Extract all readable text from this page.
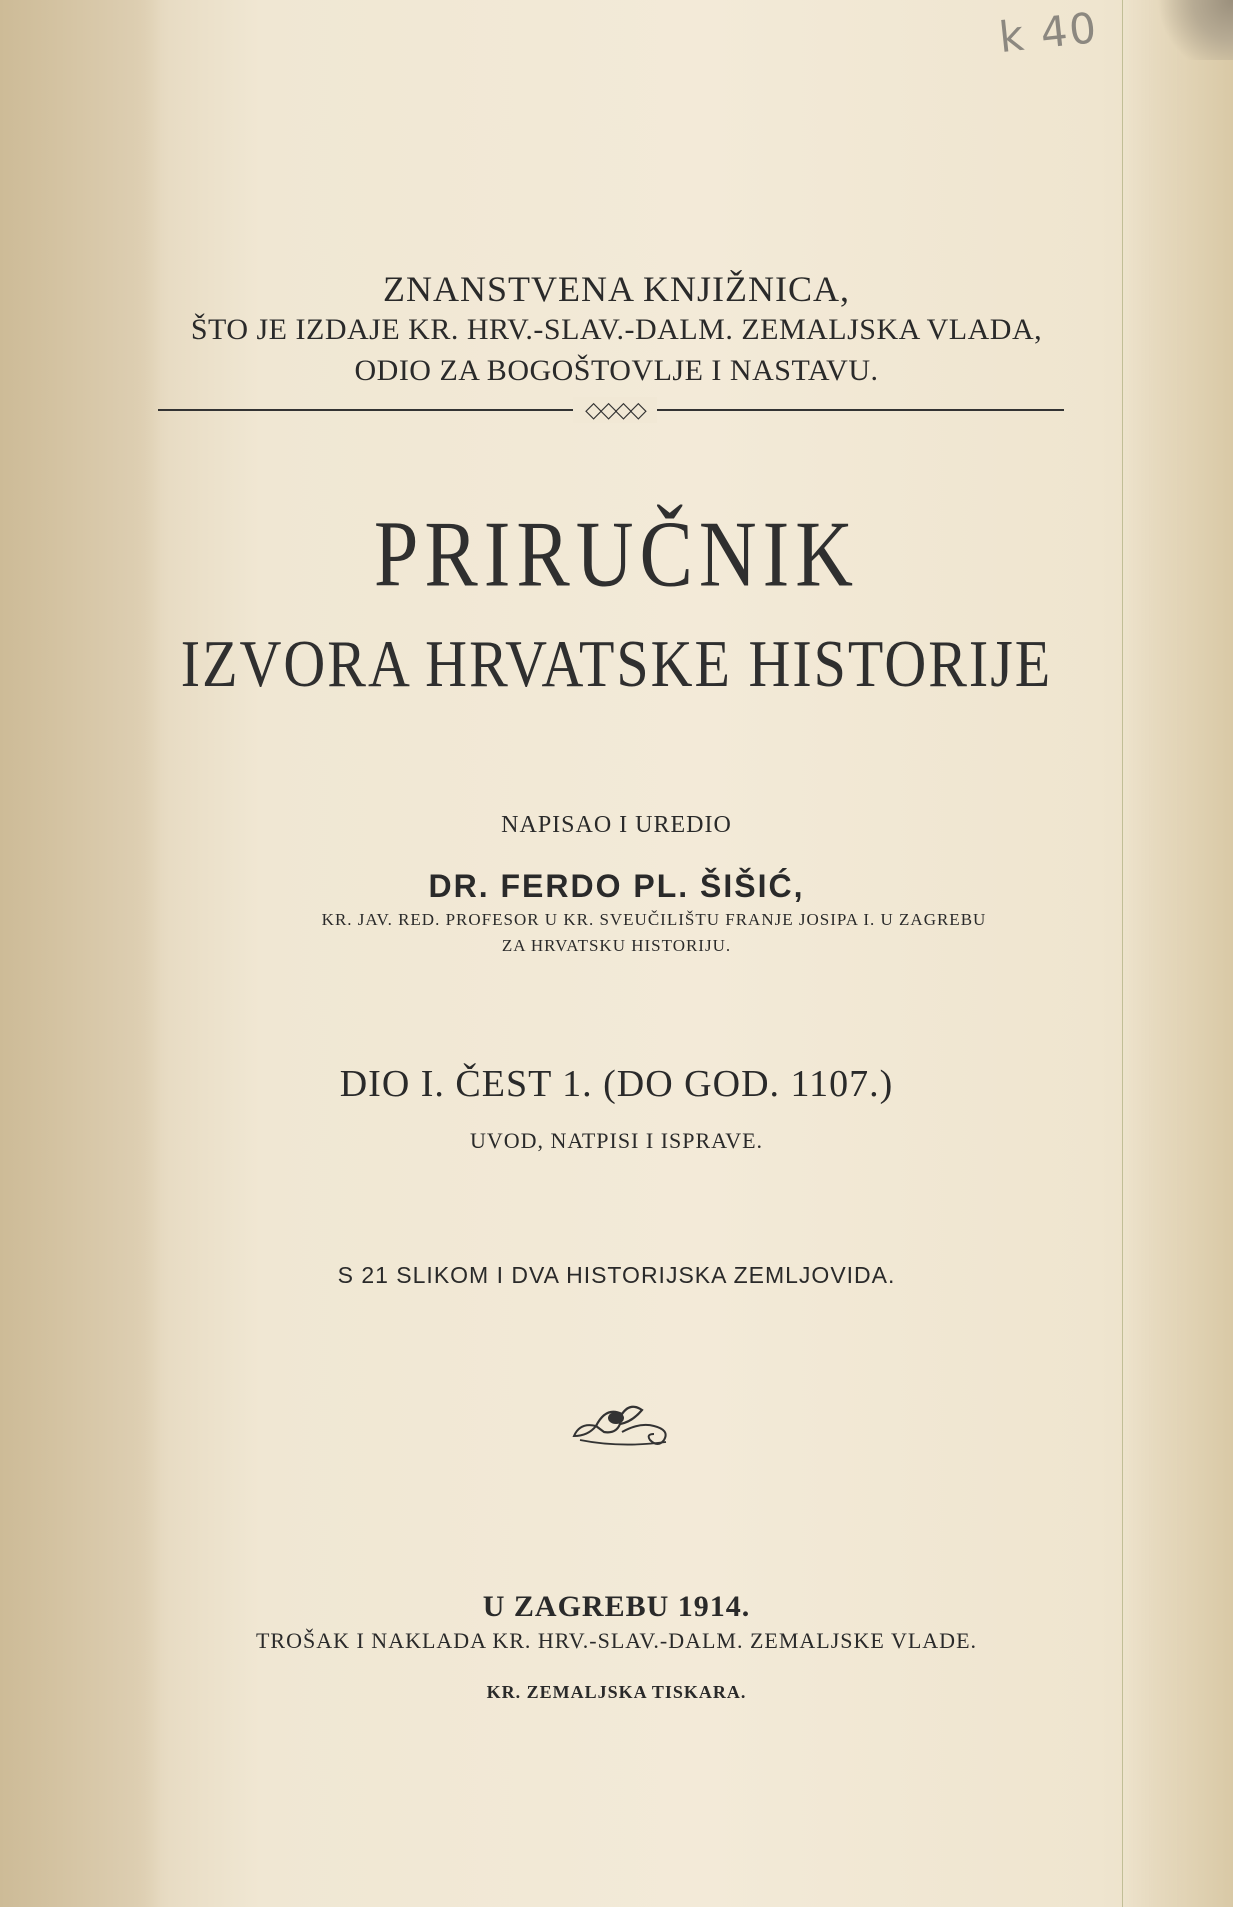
k 40
ZNANSTVENA KNJIŽNICA,
ŠTO JE IZDAJE KR. HRV.-SLAV.-DALM. ZEMALJSKA VLADA,
ODIO ZA BOGOŠTOVLJE I NASTAVU.
◇◇◇◇
PRIRUČNIK
IZVORA HRVATSKE HISTORIJE
NAPISAO I UREDIO
DR. FERDO PL. ŠIŠIĆ,
KR. JAV. RED. PROFESOR U KR. SVEUČILIŠTU FRANJE JOSIPA I. U ZAGREBU
ZA HRVATSKU HISTORIJU.
DIO I. ČEST 1. (DO GOD. 1107.)
UVOD, NATPISI I ISPRAVE.
S 21 SLIKOM I DVA HISTORIJSKA ZEMLJOVIDA.
U ZAGREBU 1914.
TROŠAK I NAKLADA KR. HRV.-SLAV.-DALM. ZEMALJSKE VLADE.
KR. ZEMALJSKA TISKARA.
